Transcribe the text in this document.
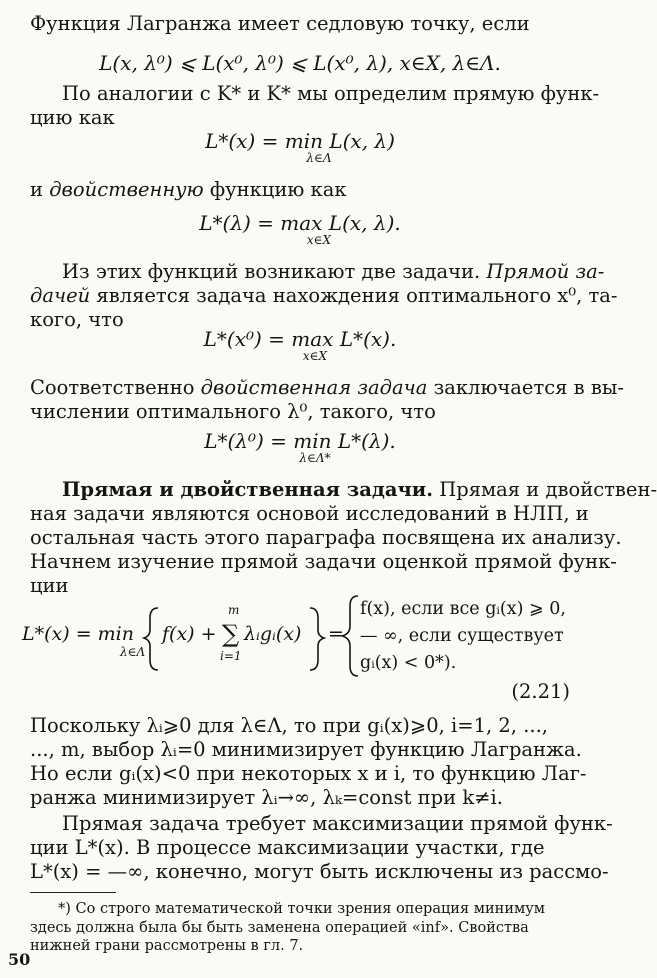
Функция Лагранжа имеет седловую точку, если
L(x, λ⁰) ⩽ L(x⁰, λ⁰) ⩽ L(x⁰, λ), x∈X, λ∈Λ.
По аналогии с K* и K* мы определим прямую функ-
цию как
L*(x) = min L(x, λ)
λ∈Λ
и двойственную функцию как
L*(λ) = max L(x, λ).
x∈X
Из этих функций возникают две задачи. Прямой за-
дачей является задача нахождения оптимального x⁰, та-
кого, что
L*(x⁰) = max L*(x).
x∈X
Соответственно двойственная задача заключается в вы-
числении оптимального λ⁰, такого, что
L*(λ⁰) = min L*(λ).
λ∈Λ*
Прямая и двойственная задачи. Прямая и двойствен-
ная задачи являются основой исследований в НЛП, и
остальная часть этого параграфа посвящена их анализу.
Начнем изучение прямой задачи оценкой прямой функ-
ции
L*(x) = min
λ∈Λ
f(x) +
m
∑
i=1
λᵢgᵢ(x) =
f(x), если все gᵢ(x) ⩾ 0,
— ∞, если существует
gᵢ(x) < 0*).
(2.21)
Поскольку λᵢ⩾0 для λ∈Λ, то при gᵢ(x)⩾0, i=1, 2, ...,
..., m, выбор λᵢ=0 минимизирует функцию Лагранжа.
Но если gᵢ(x)<0 при некоторых x и i, то функцию Лаг-
ранжа минимизирует λᵢ→∞, λₖ=const при k≠i.
Прямая задача требует максимизации прямой функ-
ции L*(x). В процессе максимизации участки, где
L*(x) = —∞, конечно, могут быть исключены из рассмо-
*) Со строго математической точки зрения операция минимум
здесь должна была бы быть заменена операцией «inf». Свойства
нижней грани рассмотрены в гл. 7.
50
